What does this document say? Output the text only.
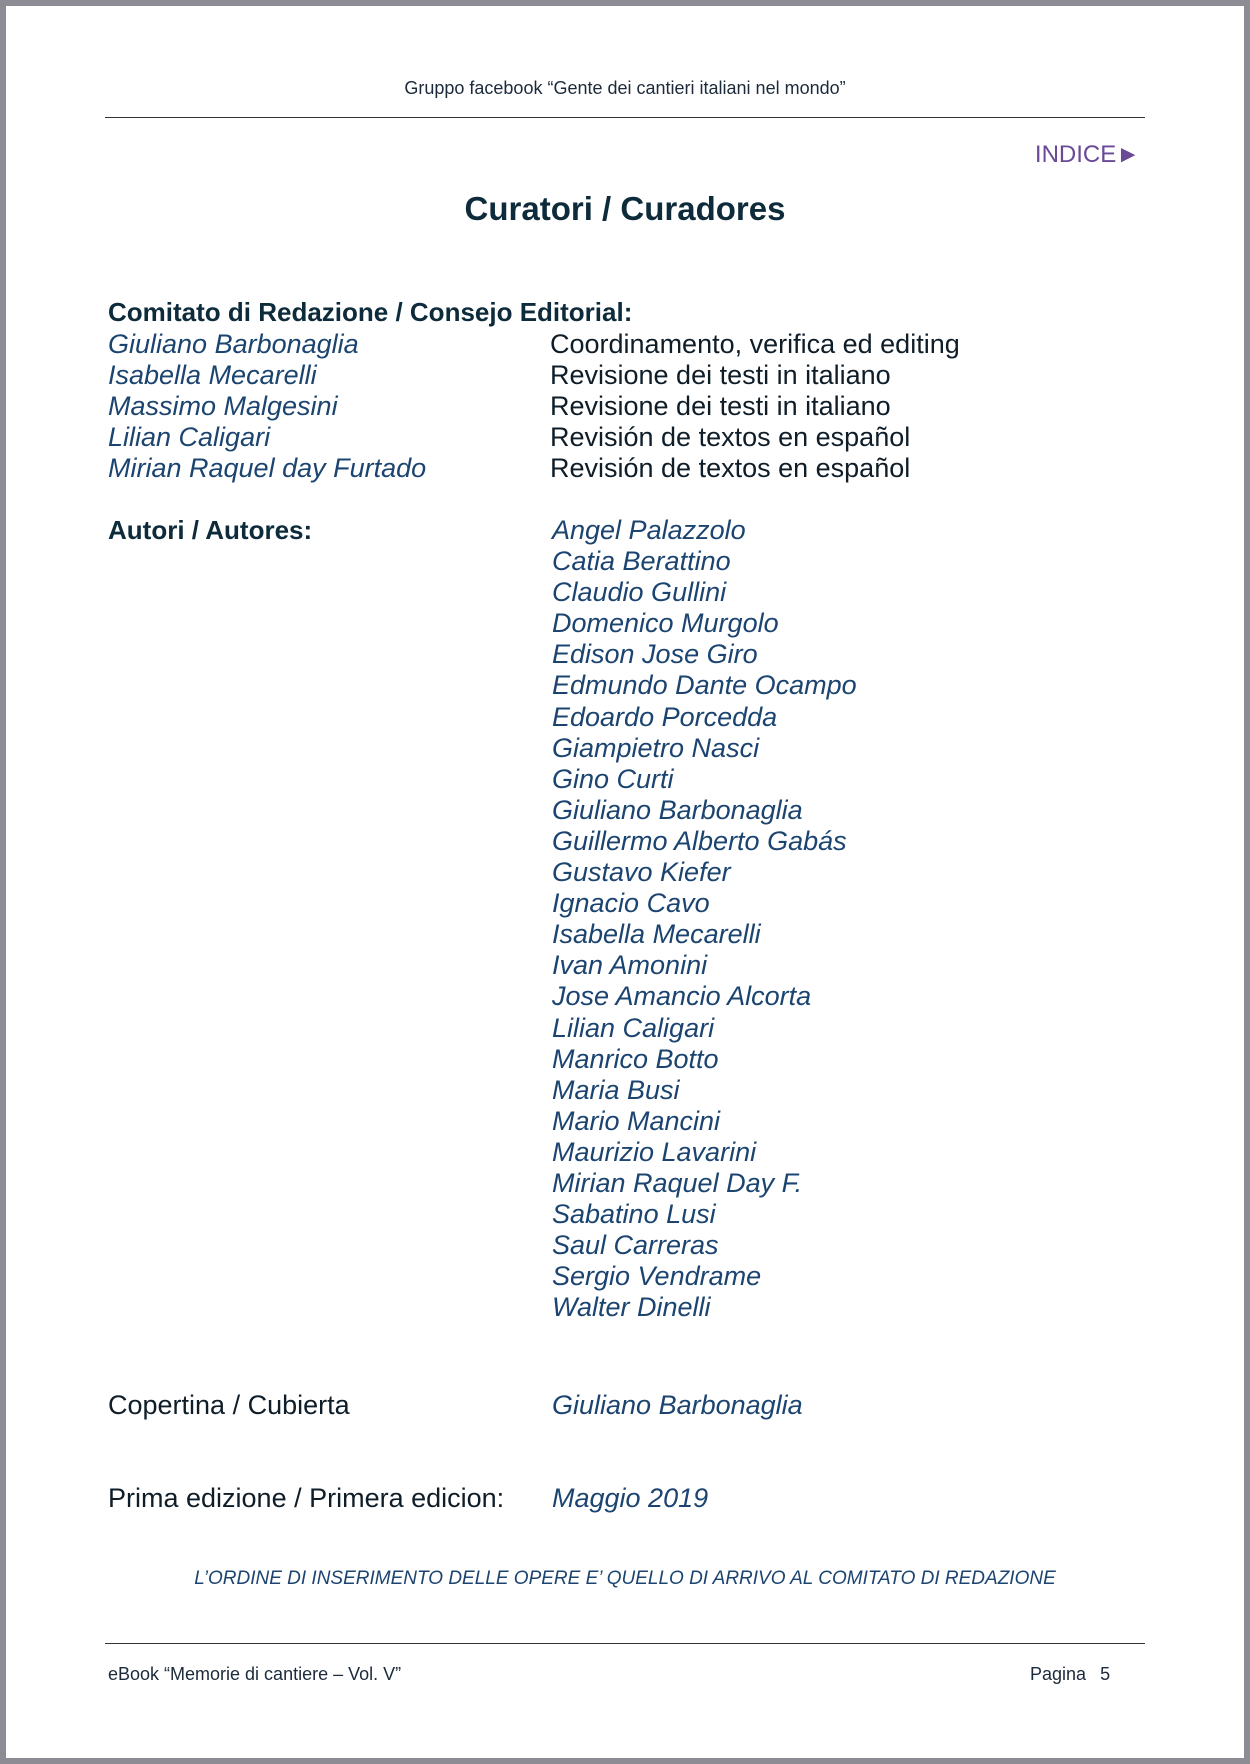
Gruppo facebook “Gente dei cantieri italiani nel mondo”
INDICE►
Curatori / Curadores
Comitato di Redazione / Consejo Editorial:
Giuliano Barbonaglia	Coordinamento, verifica ed editing
Isabella Mecarelli	Revisione dei testi in italiano
Massimo Malgesini	Revisione dei testi in italiano
Lilian Caligari	Revisión de textos en español
Mirian Raquel day Furtado	Revisión de textos en español
Autori / Autores:	Angel Palazzolo
Catia Berattino
Claudio Gullini
Domenico Murgolo
Edison Jose Giro
Edmundo Dante Ocampo
Edoardo Porcedda
Giampietro Nasci
Gino Curti
Giuliano Barbonaglia
Guillermo Alberto Gabás
Gustavo Kiefer
Ignacio Cavo
Isabella Mecarelli
Ivan Amonini
Jose Amancio Alcorta
Lilian Caligari
Manrico Botto
Maria Busi
Mario Mancini
Maurizio Lavarini
Mirian Raquel Day F.
Sabatino Lusi
Saul Carreras
Sergio Vendrame
Walter Dinelli
Copertina / Cubierta	Giuliano Barbonaglia
Prima edizione / Primera edicion: Maggio 2019
L’ORDINE DI INSERIMENTO DELLE OPERE E’ QUELLO DI ARRIVO AL COMITATO DI REDAZIONE
eBook “Memorie di cantiere – Vol. V”	Pagina 5
